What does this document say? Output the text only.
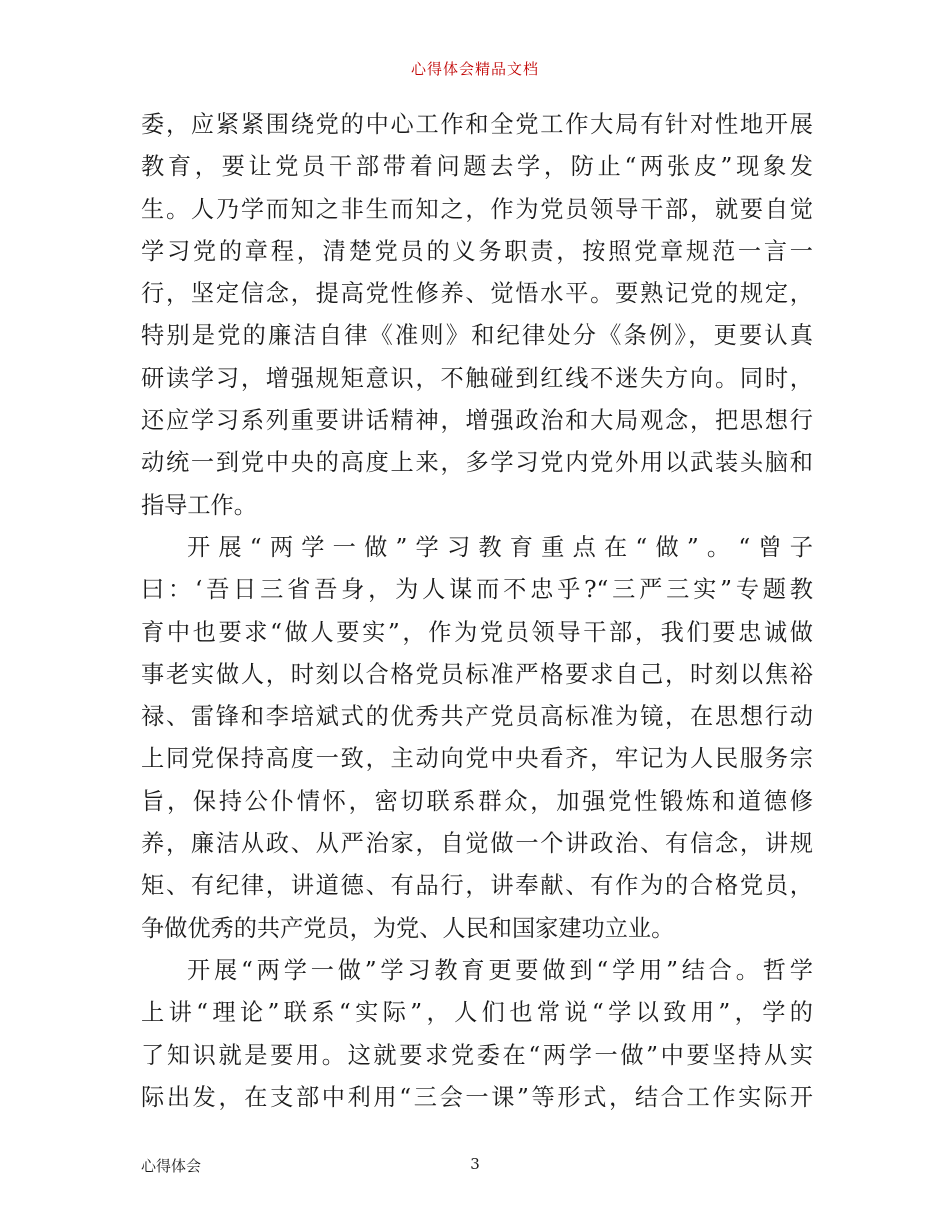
心得体会精品文档
委，应紧紧围绕党的中心工作和全党工作大局有针对性地开展
教育，要让党员干部带着问题去学，防止“两张皮”现象发
生。人乃学而知之非生而知之，作为党员领导干部，就要自觉
学习党的章程，清楚党员的义务职责，按照党章规范一言一
行，坚定信念，提高党性修养、觉悟水平。要熟记党的规定，
特别是党的廉洁自律《准则》和纪律处分《条例》，更要认真
研读学习，增强规矩意识，不触碰到红线不迷失方向。同时，
还应学习系列重要讲话精神，增强政治和大局观念，把思想行
动统一到党中央的高度上来，多学习党内党外用以武装头脑和
指导工作。
开展“两学一做”学习教育重点在“做”。“曾子
曰：‘吾日三省吾身，为人谋而不忠乎?“三严三实”专题教
育中也要求“做人要实”，作为党员领导干部，我们要忠诚做
事老实做人，时刻以合格党员标准严格要求自己，时刻以焦裕
禄、雷锋和李培斌式的优秀共产党员高标准为镜，在思想行动
上同党保持高度一致，主动向党中央看齐，牢记为人民服务宗
旨，保持公仆情怀，密切联系群众，加强党性锻炼和道德修
养，廉洁从政、从严治家，自觉做一个讲政治、有信念，讲规
矩、有纪律，讲道德、有品行，讲奉献、有作为的合格党员，
争做优秀的共产党员，为党、人民和国家建功立业。
开展“两学一做”学习教育更要做到“学用”结合。哲学
上讲“理论”联系“实际”，人们也常说“学以致用”，学的
了知识就是要用。这就要求党委在“两学一做”中要坚持从实
际出发，在支部中利用“三会一课”等形式，结合工作实际开
心得体会	3
